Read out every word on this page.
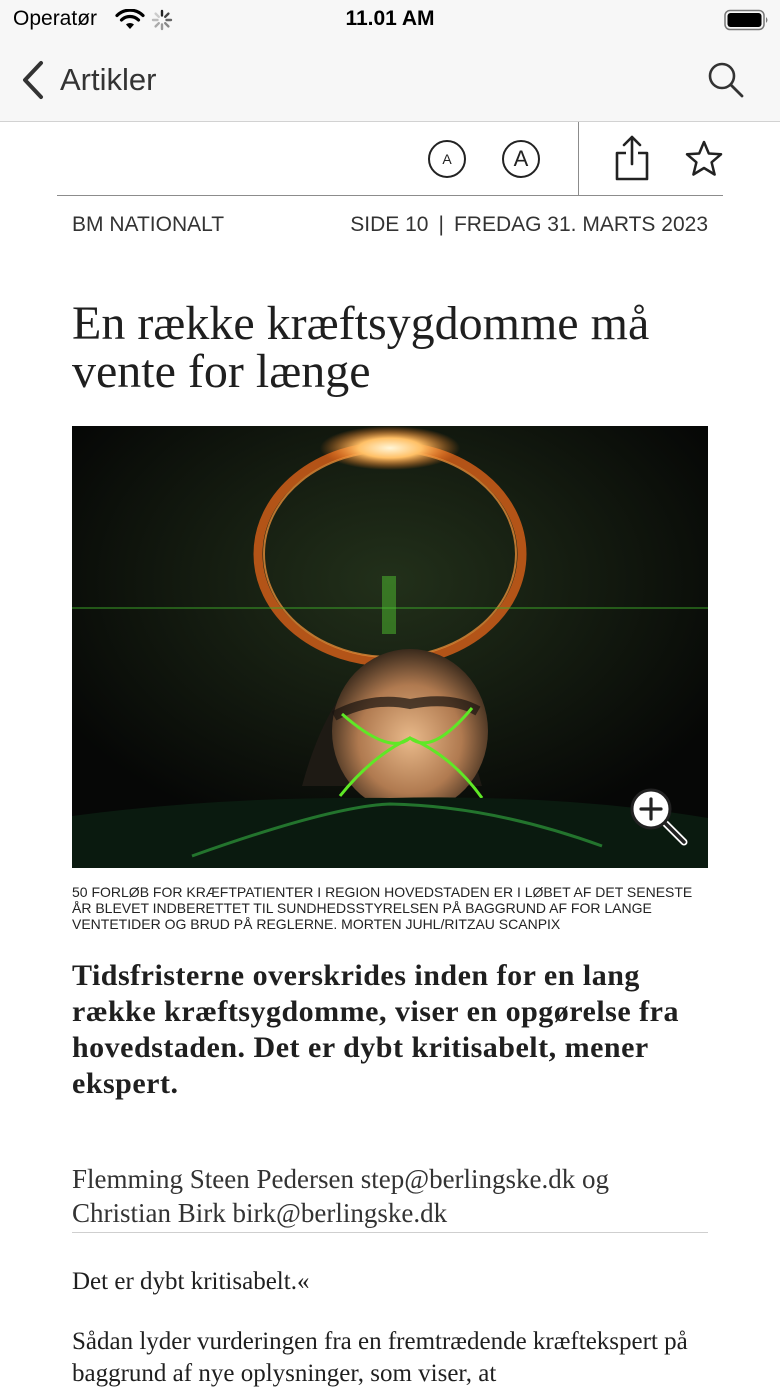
Operatør	11.01 AM
Artikler
A	A
BM NATIONALT	SIDE 10 | FREDAG 31. MARTS 2023
En række kræftsygdomme må vente for længe

50 FORLØB FOR KRÆFTPATIENTER I REGION HOVEDSTADEN ER I LØBET AF DET SENESTE ÅR BLEVET INDBERETTET TIL SUNDHEDSSTYRELSEN PÅ BAGGRUND AF FOR LANGE VENTETIDER OG BRUD PÅ REGLERNE. MORTEN JUHL/RITZAU SCANPIX

Tidsfristerne overskrides inden for en lang række kræftsygdomme, viser en opgørelse fra hovedstaden. Det er dybt kritisabelt, mener ekspert.

Flemming Steen Pedersen step@berlingske.dk og Christian Birk birk@berlingske.dk

Det er dybt kritisabelt.«

Sådan lyder vurderingen fra en fremtrædende kræftekspert på baggrund af nye oplysninger, som viser, at
